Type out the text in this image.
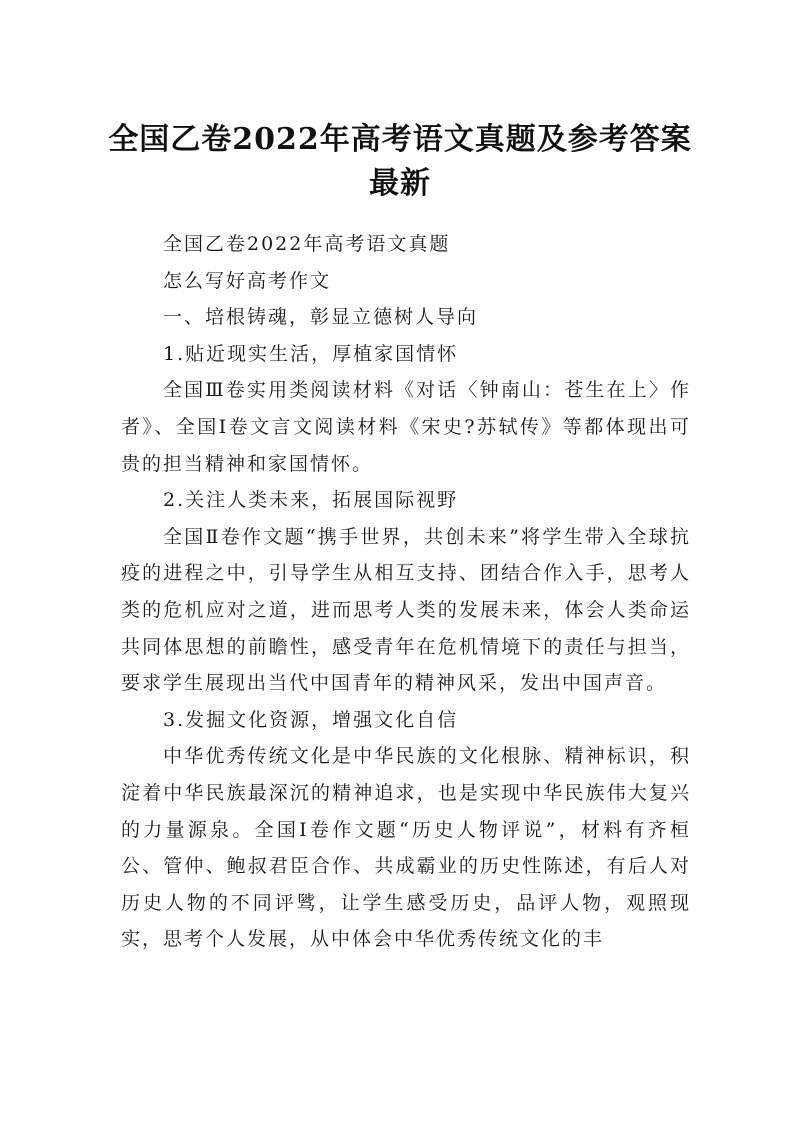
全国乙卷2022年高考语文真题及参考答案最新

全国乙卷2022年高考语文真题

怎么写好高考作文

一、培根铸魂，彰显立德树人导向

1.贴近现实生活，厚植家国情怀

全国Ⅲ卷实用类阅读材料《对话〈钟南山：苍生在上〉作者》、全国Ⅰ卷文言文阅读材料《宋史?苏轼传》等都体现出可贵的担当精神和家国情怀。

2.关注人类未来，拓展国际视野

全国Ⅱ卷作文题“携手世界，共创未来”将学生带入全球抗疫的进程之中，引导学生从相互支持、团结合作入手，思考人类的危机应对之道，进而思考人类的发展未来，体会人类命运共同体思想的前瞻性，感受青年在危机情境下的责任与担当，要求学生展现出当代中国青年的精神风采，发出中国声音。

3.发掘文化资源，增强文化自信

中华优秀传统文化是中华民族的文化根脉、精神标识，积淀着中华民族最深沉的精神追求，也是实现中华民族伟大复兴的力量源泉。全国Ⅰ卷作文题“历史人物评说”，材料有齐桓公、管仲、鲍叔君臣合作、共成霸业的历史性陈述，有后人对历史人物的不同评骘，让学生感受历史，品评人物，观照现实，思考个人发展，从中体会中华优秀传统文化的丰
